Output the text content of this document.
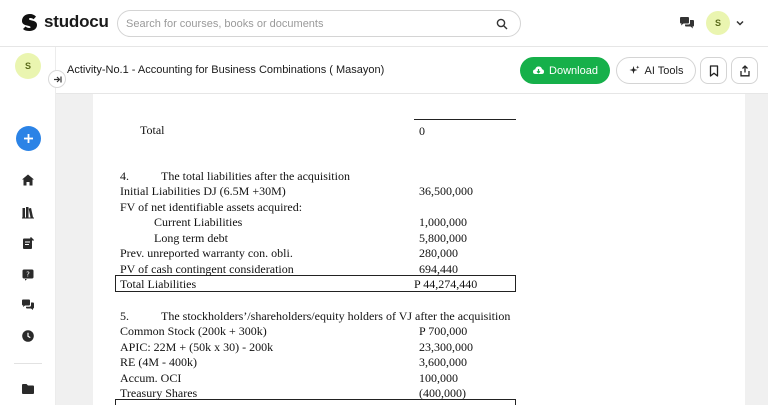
studocu
Search for courses, books or documents	S
S
?
Activity-No.1 - Accounting for Business Combinations ( Masayon)	Download	AI Tools
Total	0
4.	The total liabilities after the acquisition
Initial Liabilities DJ (6.5M +30M)	36,500,000
FV of net identifiable assets acquired:
Current Liabilities	1,000,000
Long term debt	5,800,000
Prev. unreported warranty con. obli.	280,000
PV of cash contingent consideration	694,440
Total Liabilities	P 44,274,440
5.	The stockholders’/shareholders/equity holders of VJ after the acquisition
Common Stock (200k + 300k)	P 700,000
APIC: 22M + (50k x 30) - 200k	23,300,000
RE (4M - 400k)	3,600,000
Accum. OCI	100,000
Treasury Shares	(400,000)
